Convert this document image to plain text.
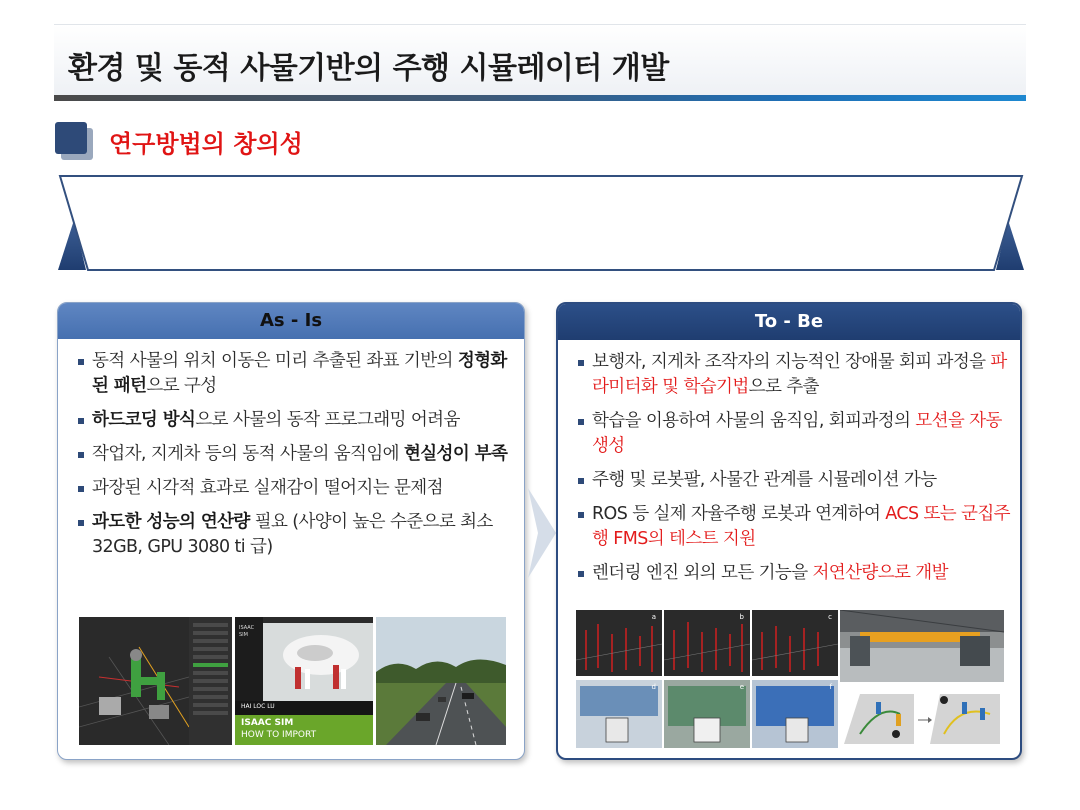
환경 및 동적 사물기반의 주행 시뮬레이터 개발
연구방법의 창의성
As - Is
동적 사물의 위치 이동은 미리 추출된 좌표 기반의 정형화된 패턴으로 구성
하드코딩 방식으로 사물의 동작 프로그래밍 어려움
작업자, 지게차 등의 동적 사물의 움직임에 현실성이 부족
과장된 시각적 효과로 실재감이 떨어지는 문제점
과도한 성능의 연산량 필요 (사양이 높은 수준으로 최소 32GB, GPU 3080 ti 급)
ISAAC SIM
HAI LOC LU
ISAAC SIM
HOW TO IMPORT
To - Be
보행자, 지게차 조작자의 지능적인 장애물 회피 과정을 파라미터화 및 학습기법으로 추출
학습을 이용하여 사물의 움직임, 회피과정의 모션을 자동 생성
주행 및 로봇팔, 사물간 관계를 시뮬레이션 가능
ROS 등 실제 자율주행 로봇과 연계하여 ACS 또는 군집주행 FMS의 테스트 지원
렌더링 엔진 외의 모든 기능을 저연산량으로 개발
a	b	c
d	e	f
